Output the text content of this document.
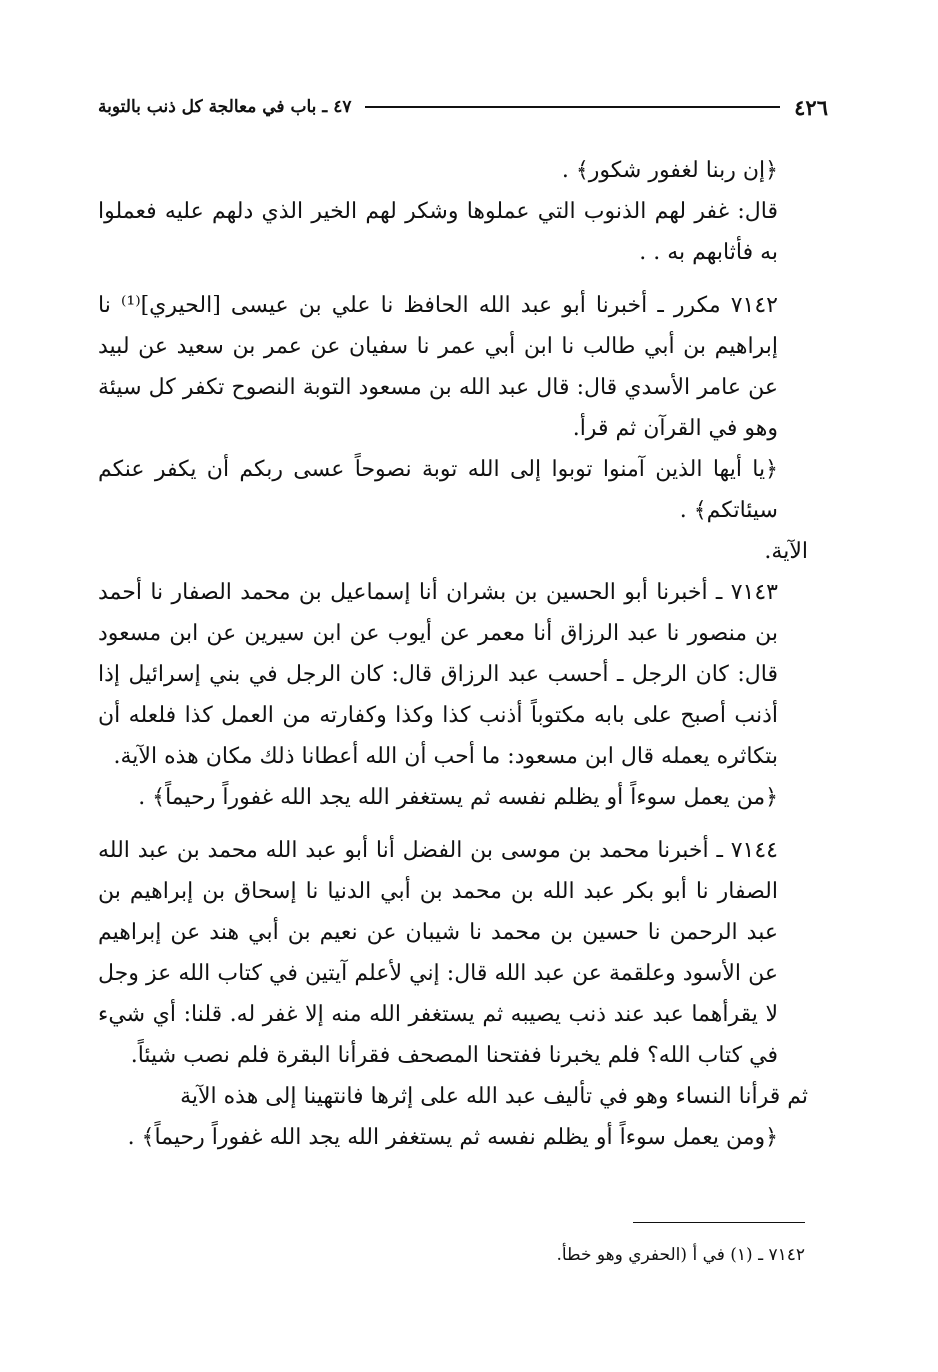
٤٢٦
٤٧ ـ باب في معالجة كل ذنب بالتوبة

﴿إن ربنا لغفور شكور﴾ .

قال: غفر لهم الذنوب التي عملوها وشكر لهم الخير الذي دلهم عليه فعملوا به فأثابهم به . .

٧١٤٢ مكرر ـ أخبرنا أبو عبد الله الحافظ نا علي بن عيسى [الحيري]⁽¹⁾ نا إبراهيم بن أبي طالب نا ابن أبي عمر نا سفيان عن عمر بن سعيد عن لبيد عن عامر الأسدي قال: قال عبد الله بن مسعود التوبة النصوح تكفر كل سيئة وهو في القرآن ثم قرأ.

﴿يا أيها الذين آمنوا توبوا إلى الله توبة نصوحاً عسى ربكم أن يكفر عنكم سيئاتكم﴾ .

الآية.

٧١٤٣ ـ أخبرنا أبو الحسين بن بشران أنا إسماعيل بن محمد الصفار نا أحمد بن منصور نا عبد الرزاق أنا معمر عن أيوب عن ابن سيرين عن ابن مسعود قال: كان الرجل ـ أحسب عبد الرزاق قال: كان الرجل في بني إسرائيل إذا أذنب أصبح على بابه مكتوباً أذنب كذا وكذا وكفارته من العمل كذا فلعله أن بتكاثره يعمله قال ابن مسعود: ما أحب أن الله أعطانا ذلك مكان هذه الآية.

﴿من يعمل سوءاً أو يظلم نفسه ثم يستغفر الله يجد الله غفوراً رحيماً﴾ .

٧١٤٤ ـ أخبرنا محمد بن موسى بن الفضل أنا أبو عبد الله محمد بن عبد الله الصفار نا أبو بكر عبد الله بن محمد بن أبي الدنيا نا إسحاق بن إبراهيم بن عبد الرحمن نا حسين بن محمد نا شيبان عن نعيم بن أبي هند عن إبراهيم عن الأسود وعلقمة عن عبد الله قال: إني لأعلم آيتين في كتاب الله عز وجل لا يقرأهما عبد عند ذنب يصيبه ثم يستغفر الله منه إلا غفر له. قلنا: أي شيء في كتاب الله؟ فلم يخبرنا ففتحنا المصحف فقرأنا البقرة فلم نصب شيئاً.

ثم قرأنا النساء وهو في تأليف عبد الله على إثرها فانتهينا إلى هذه الآية

﴿ومن يعمل سوءاً أو يظلم نفسه ثم يستغفر الله يجد الله غفوراً رحيماً﴾ .

٧١٤٢ ـ (١) في أ (الحفري وهو خطأ.
